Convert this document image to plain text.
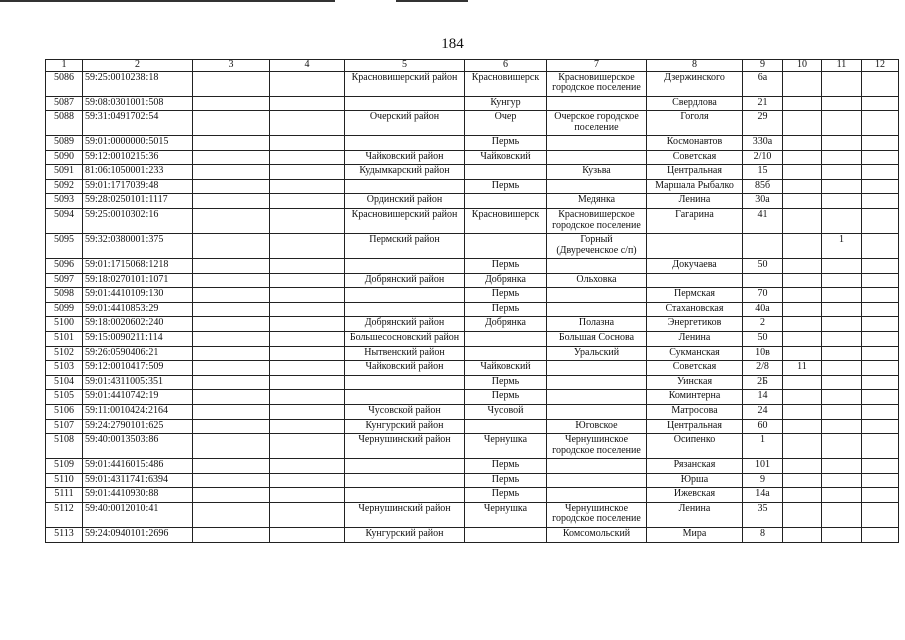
184
1	2	3	4	5	6	7	8	9	10	11	12
5086	59:25:0010238:18			Красновишерский район	Красновишерск	Красновишерское городское поселение	Дзержинского	6а			
5087	59:08:0301001:508				Кунгур		Свердлова	21			
5088	59:31:0491702:54			Очерский район	Очер	Очерское городское поселение	Гоголя	29			
5089	59:01:0000000:5015				Пермь		Космонавтов	330а			
5090	59:12:0010215:36			Чайковский район	Чайковский		Советская	2/10			
5091	81:06:1050001:233			Кудымкарский район		Кузьва	Центральная	15			
5092	59:01:1717039:48				Пермь		Маршала Рыбалко	85б			
5093	59:28:0250101:1117			Ординский район		Медянка	Ленина	30а			
5094	59:25:0010302:16			Красновишерский район	Красновишерск	Красновишерское городское поселение	Гагарина	41			
5095	59:32:0380001:375			Пермский район		Горный (Двуреченское с/п)				1	
5096	59:01:1715068:1218				Пермь		Докучаева	50			
5097	59:18:0270101:1071			Добрянский район	Добрянка	Ольховка					
5098	59:01:4410109:130				Пермь		Пермская	70			
5099	59:01:4410853:29				Пермь		Стахановская	40а			
5100	59:18:0020602:240			Добрянский район	Добрянка	Полазна	Энергетиков	2			
5101	59:15:0090211:114			Большесосновский район		Большая Соснова	Ленина	50			
5102	59:26:0590406:21			Нытвенский район		Уральский	Сукманская	10в			
5103	59:12:0010417:509			Чайковский район	Чайковский		Советская	2/8	11		
5104	59:01:4311005:351				Пермь		Уинская	2Б			
5105	59:01:4410742:19				Пермь		Коминтерна	14			
5106	59:11:0010424:2164			Чусовской район	Чусовой		Матросова	24			
5107	59:24:2790101:625			Кунгурский район		Юговское	Центральная	60			
5108	59:40:0013503:86			Чернушинский район	Чернушка	Чернушинское городское поселение	Осипенко	1			
5109	59:01:4416015:486				Пермь		Рязанская	101			
5110	59:01:4311741:6394				Пермь		Юрша	9			
5111	59:01:4410930:88				Пермь		Ижевская	14а			
5112	59:40:0012010:41			Чернушинский район	Чернушка	Чернушинское городское поселение	Ленина	35			
5113	59:24:0940101:2696			Кунгурский район		Комсомольский	Мира	8			
